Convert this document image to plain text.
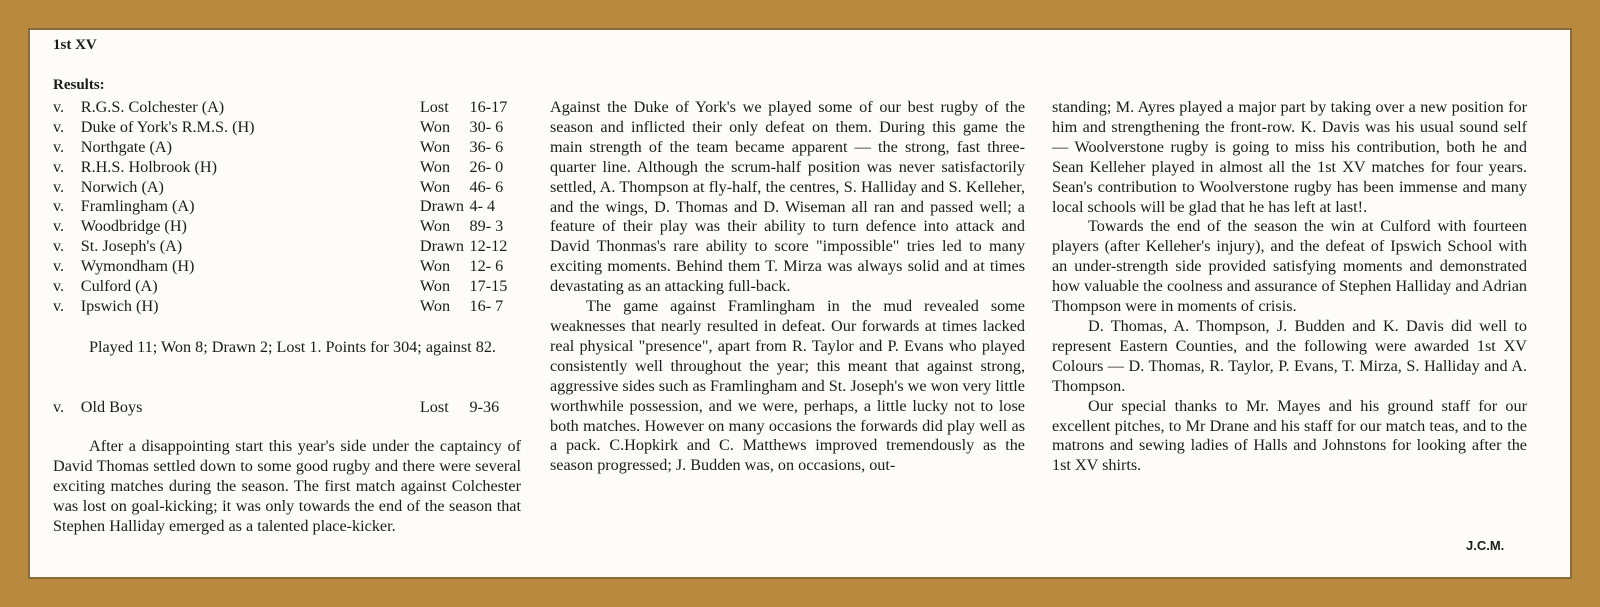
1st XV
Results:
v.	R.G.S. Colchester (A)	Lost	16-17
v.	Duke of York's R.M.S. (H)	Won	30- 6
v.	Northgate (A)	Won	36- 6
v.	R.H.S. Holbrook (H)	Won	26- 0
v.	Norwich (A)	Won	46- 6
v.	Framlingham (A)	Drawn 4- 4
v.	Woodbridge (H)	Won	89- 3
v.	St. Joseph's (A)	Drawn 12-12
v.	Wymondham (H)	Won	12- 6
v.	Culford (A)	Won	17-15
v.	Ipswich (H)	Won	16- 7
Played 11; Won 8; Drawn 2; Lost 1. Points for 304; against 82.
v.	Old Boys	Lost	9-36

After a disappointing start this year's side under the captaincy of David Thomas settled down to some good rugby and there were several exciting matches during the season. The first match against Colchester was lost on goal-kicking; it was only towards the end of the season that Stephen Halliday emerged as a talented place-kicker.

Against the Duke of York's we played some of our best rugby of the season and inflicted their only defeat on them. During this game the main strength of the team became apparent — the strong, fast three-quarter line. Although the scrum-half position was never satisfactorily settled, A. Thompson at fly-half, the centres, S. Halliday and S. Kelleher, and the wings, D. Thomas and D. Wiseman all ran and passed well; a feature of their play was their ability to turn defence into attack and David Thonmas's rare ability to score "impossible" tries led to many exciting moments. Behind them T. Mirza was always solid and at times devastating as an attacking full-back.

The game against Framlingham in the mud revealed some weaknesses that nearly resulted in defeat. Our forwards at times lacked real physical "presence", apart from R. Taylor and P. Evans who played consistently well throughout the year; this meant that against strong, aggressive sides such as Framlingham and St. Joseph's we won very little worthwhile possession, and we were, perhaps, a little lucky not to lose both matches. However on many occasions the forwards did play well as a pack. C.Hopkirk and C. Matthews improved tremendously as the season progressed; J. Budden was, on occasions, out-

standing; M. Ayres played a major part by taking over a new position for him and strengthening the front-row. K. Davis was his usual sound self — Woolverstone rugby is going to miss his contribution, both he and Sean Kelleher played in almost all the 1st XV matches for four years. Sean's contribution to Woolverstone rugby has been immense and many local schools will be glad that he has left at last!.

Towards the end of the season the win at Culford with fourteen players (after Kelleher's injury), and the defeat of Ipswich School with an under-strength side provided satisfying moments and demonstrated how valuable the coolness and assurance of Stephen Halliday and Adrian Thompson were in moments of crisis.

D. Thomas, A. Thompson, J. Budden and K. Davis did well to represent Eastern Counties, and the following were awarded 1st XV Colours — D. Thomas, R. Taylor, P. Evans, T. Mirza, S. Halliday and A. Thompson.

Our special thanks to Mr. Mayes and his ground staff for our excellent pitches, to Mr Drane and his staff for our match teas, and to the matrons and sewing ladies of Halls and Johnstons for looking after the 1st XV shirts.

J.C.M.
